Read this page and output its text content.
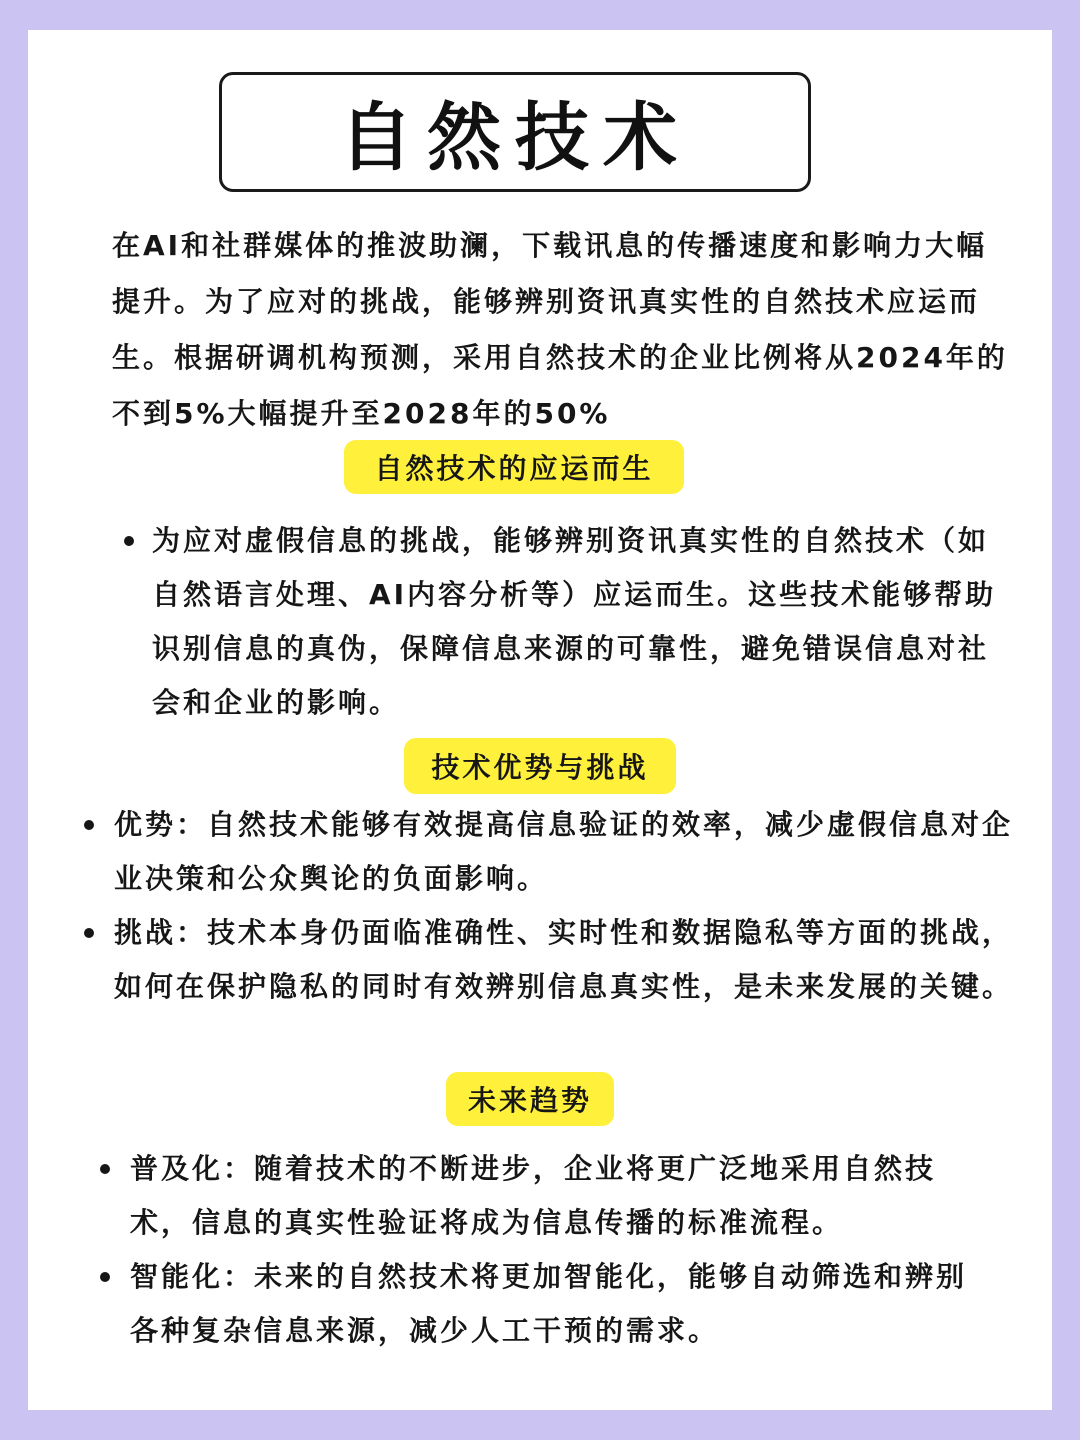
自然技术

在AI和社群媒体的推波助澜，下载讯息的传播速度和影响力大幅提升。为了应对的挑战，能够辨别资讯真实性的自然技术应运而生。根据研调机构预测，采用自然技术的企业比例将从2024年的不到5%大幅提升至2028年的50%

自然技术的应运而生
为应对虚假信息的挑战，能够辨别资讯真实性的自然技术（如自然语言处理、AI内容分析等）应运而生。这些技术能够帮助识别信息的真伪，保障信息来源的可靠性，避免错误信息对社会和企业的影响。
技术优势与挑战
优势：自然技术能够有效提高信息验证的效率，减少虚假信息对企业决策和公众舆论的负面影响。
挑战：技术本身仍面临准确性、实时性和数据隐私等方面的挑战，如何在保护隐私的同时有效辨别信息真实性，是未来发展的关键。
未来趋势
普及化：随着技术的不断进步，企业将更广泛地采用自然技术，信息的真实性验证将成为信息传播的标准流程。
智能化：未来的自然技术将更加智能化，能够自动筛选和辨别各种复杂信息来源，减少人工干预的需求。
